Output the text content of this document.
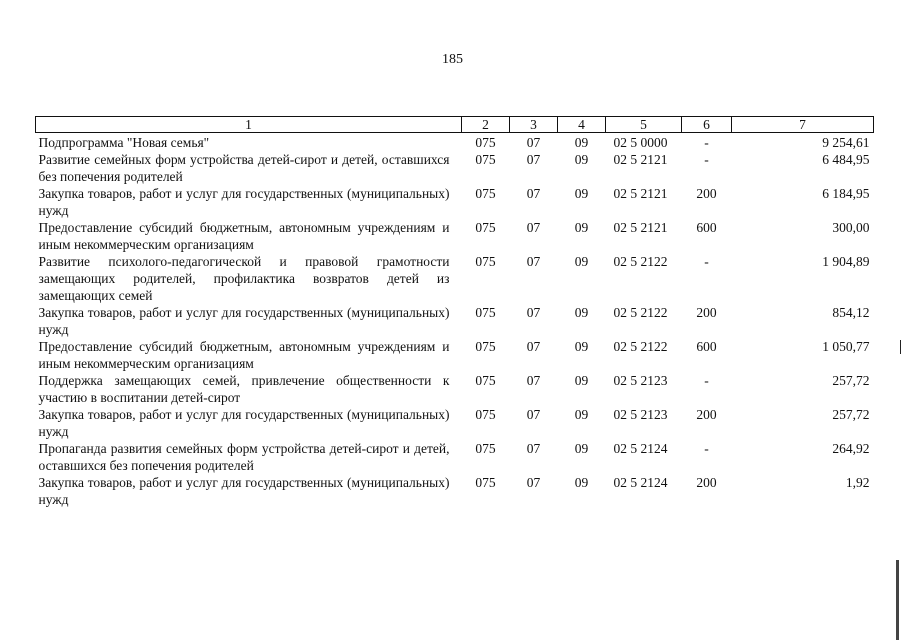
185
1	2	3	4	5	6	7
Подпрограмма "Новая семья"	075	07	09	02 5 0000	-	9 254,61
Развитие семейных форм устройства детей-сирот и детей, оставшихся без попечения родителей	075	07	09	02 5 2121	-	6 484,95
Закупка товаров, работ и услуг для государственных (муниципальных) нужд	075	07	09	02 5 2121	200	6 184,95
Предоставление субсидий бюджетным, автономным учреждениям и иным некоммерческим организациям	075	07	09	02 5 2121	600	300,00
Развитие психолого-педагогической и правовой грамотности замещающих родителей, профилактика возвратов детей из замещающих семей	075	07	09	02 5 2122	-	1 904,89
Закупка товаров, работ и услуг для государственных (муниципальных) нужд	075	07	09	02 5 2122	200	854,12
Предоставление субсидий бюджетным, автономным учреждениям и иным некоммерческим организациям	075	07	09	02 5 2122	600	1 050,77
Поддержка замещающих семей, привлечение общественности к участию в воспитании детей-сирот	075	07	09	02 5 2123	-	257,72
Закупка товаров, работ и услуг для государственных (муниципальных) нужд	075	07	09	02 5 2123	200	257,72
Пропаганда развития семейных форм устройства детей-сирот и детей, оставшихся без попечения родителей	075	07	09	02 5 2124	-	264,92
Закупка товаров, работ и услуг для государственных (муниципальных) нужд	075	07	09	02 5 2124	200	1,92
